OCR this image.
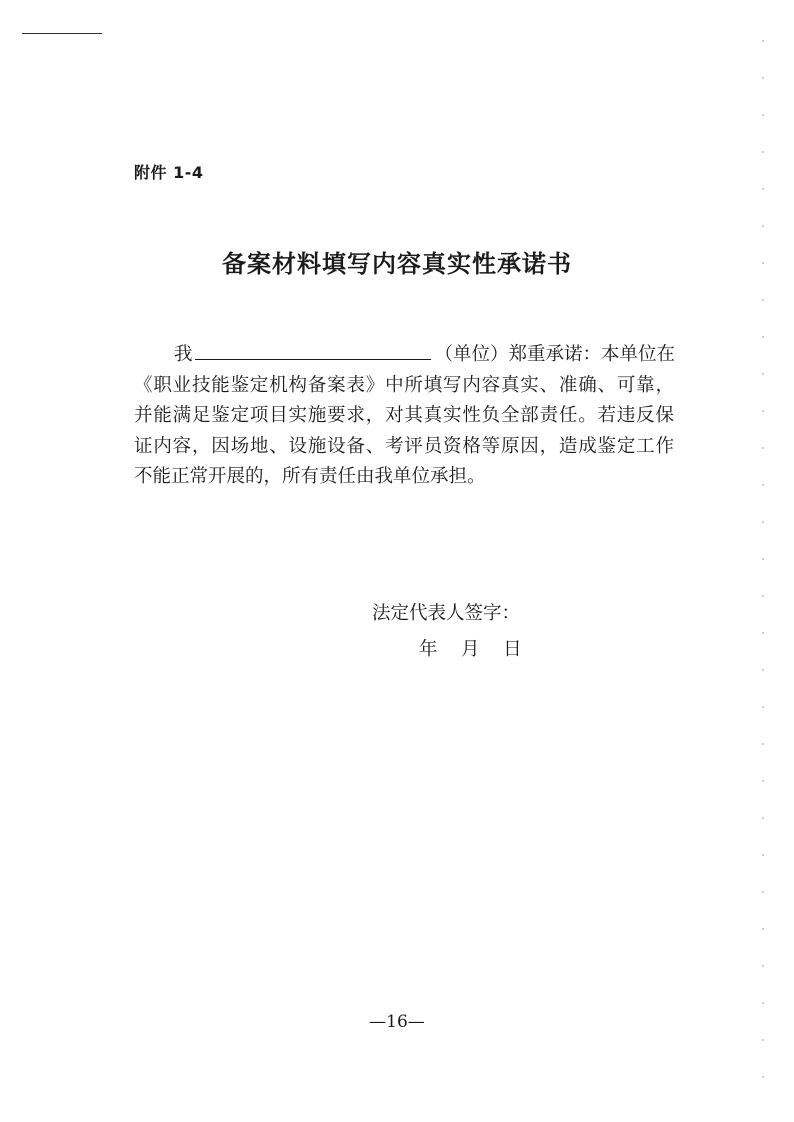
附件 1-4
备案材料填写内容真实性承诺书
我	（单位）郑重承诺：本单位在
《职业技能鉴定机构备案表》中所填写内容真实、准确、可靠，
并能满足鉴定项目实施要求，对其真实性负全部责任。若违反保
证内容，因场地、设施设备、考评员资格等原因，造成鉴定工作
不能正常开展的，所有责任由我单位承担。
法定代表人签字：
年 月 日
—16—
